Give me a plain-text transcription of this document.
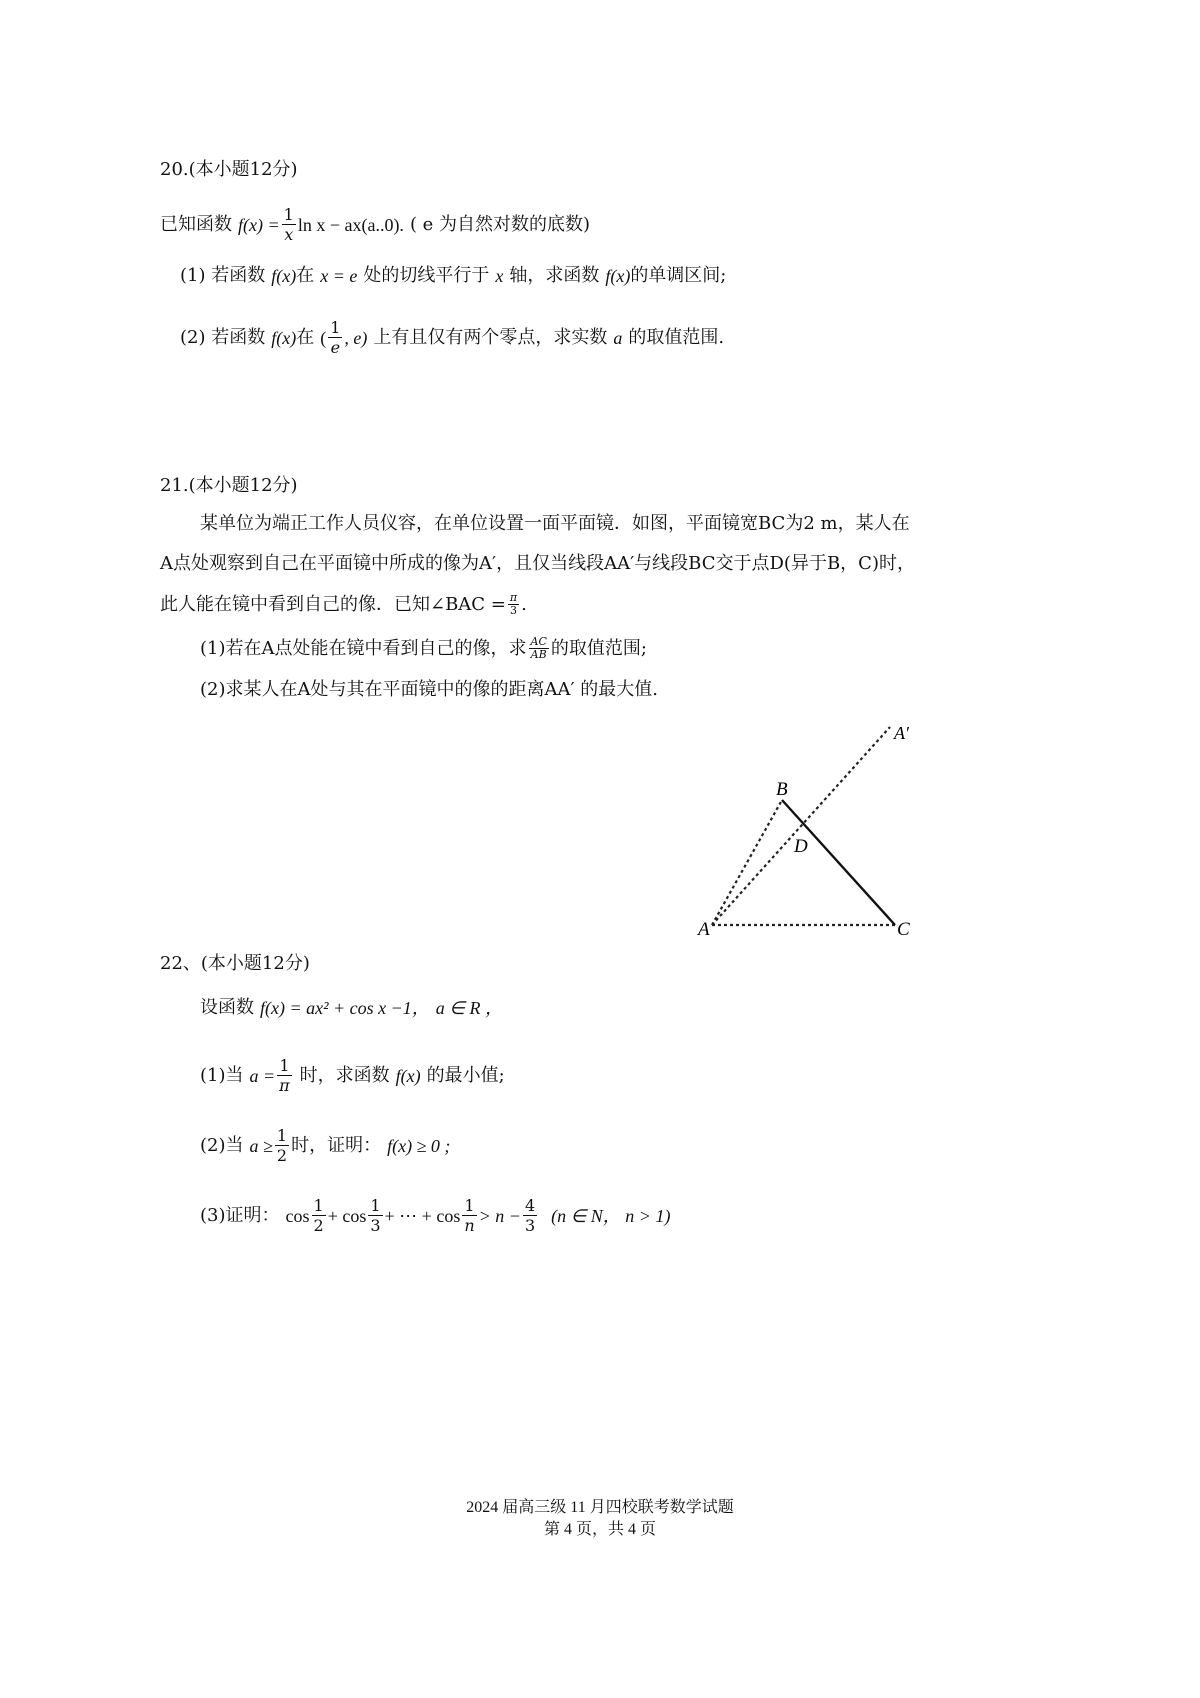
20.(本小题12分)
已知函数 $f(x) = \frac{1}{x}$ ln x − ax(a..0). ( e 为自然对数的底数)
(1) 若函数 f(x) 在 x = e 处的切线平行于 x 轴，求函数 f(x) 的单调区间;
(2) 若函数 f(x) 在 ( $\frac{1}{e}$ , e) 上有且仅有两个零点，求实数 a 的取值范围.
21.(本小题12分)
某单位为端正工作人员仪容，在单位设置一面平面镜．如图，平面镜宽BC为2 m，某人在
A点处观察到自己在平面镜中所成的像为A′，且仅当线段AA′与线段BC交于点D(异于B，C)时，
此人能在镜中看到自己的像．已知∠BAC = $\frac{\pi}{3}$ .
(1)若在A点处能在镜中看到自己的像，求 $\frac{AC}{AB}$ 的取值范围;
(2)求某人在A处与其在平面镜中的像的距离AA′ 的最大值.
A
B
C
D
A′
22、(本小题12分)
设函数 f(x) = ax² + cos x −1， a ∈ R ，
(1)当 $a = \frac{1}{\pi}$ 时，求函数 f(x) 的最小值;
(2)当 $a \ge \frac{1}{2}$ 时，证明： f(x) ≥ 0 ;
(3)证明： $\cos \frac{1}{2} + \cos \frac{1}{3}$ + ⋯ + $\cos \frac{1}{n} > n - \frac{4}{3} (n$ ∈ N， n > 1)
2024 届高三级 11 月四校联考数学试题
第 4 页，共 4 页
